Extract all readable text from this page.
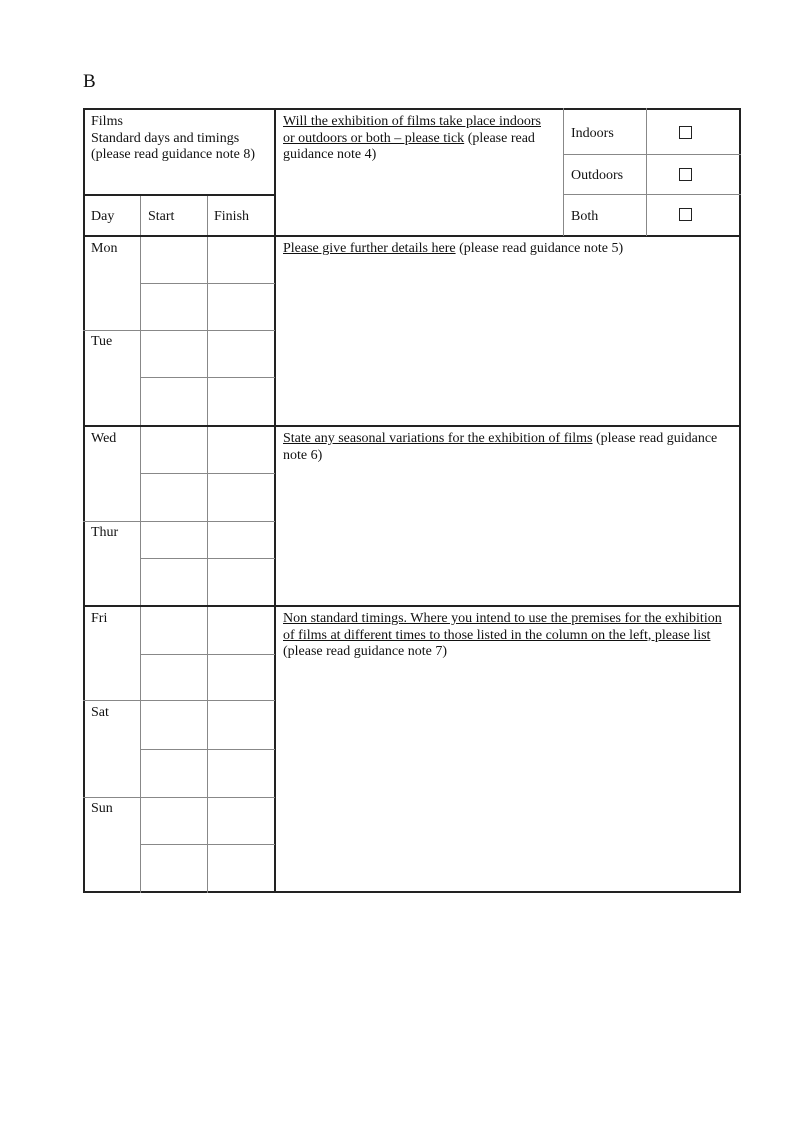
B
Films
Standard days and timings
(please read guidance note 8)
Day Start	Finish
Will the exhibition of films take place indoors or outdoors or both – please tick (please read guidance note 4)
Indoors
Outdoors
Both
Mon
Tue
Wed
Thur
Fri
Sat
Sun
Please give further details here (please read guidance note 5)
State any seasonal variations for the exhibition of films (please read guidance note 6)
Non standard timings. Where you intend to use the premises for the exhibition of films at different times to those listed in the column on the left, please list (please read guidance note 7)
